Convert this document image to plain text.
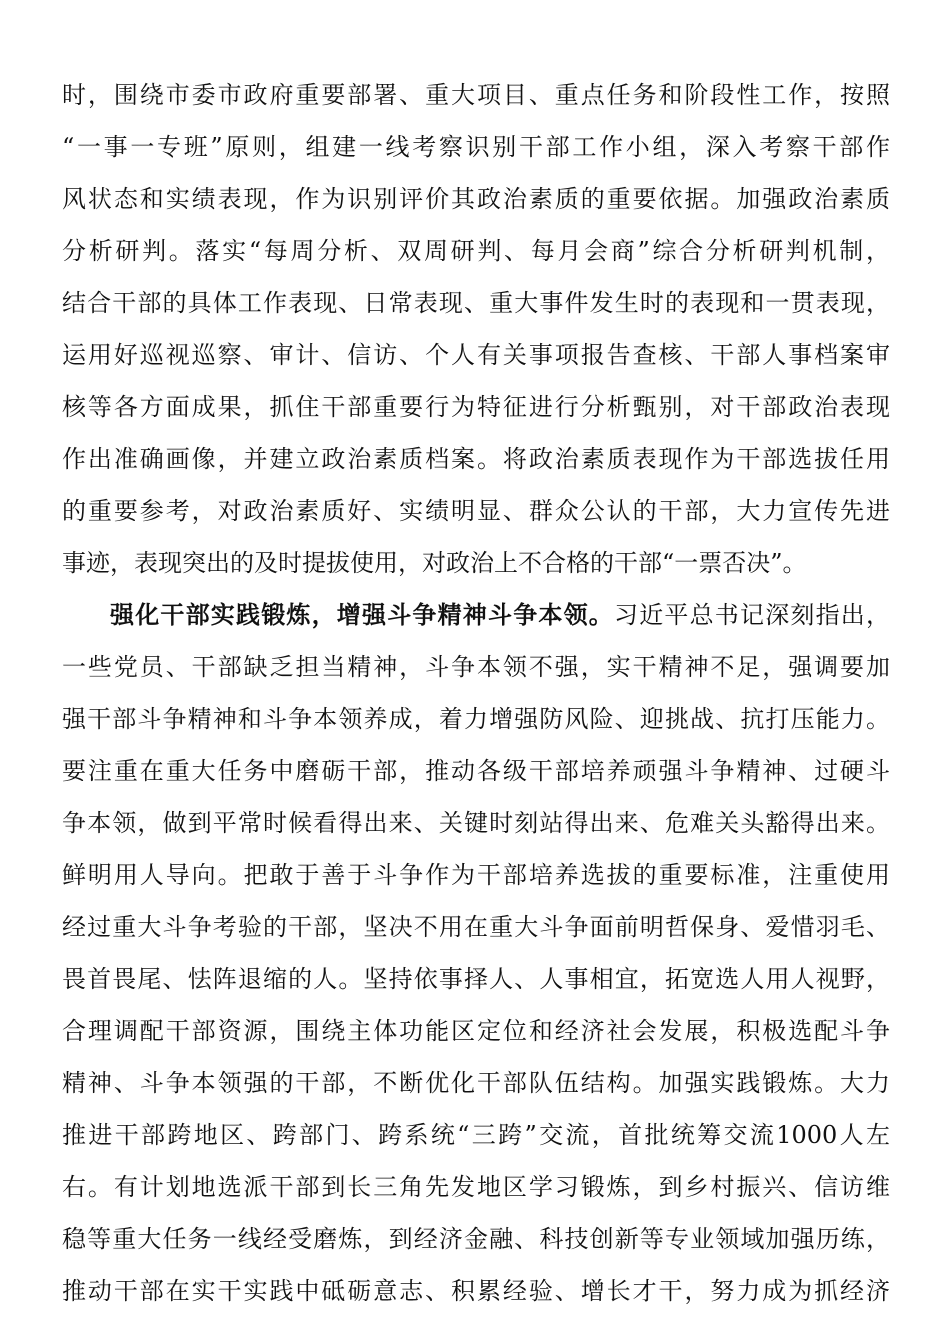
时，围绕市委市政府重要部署、重大项目、重点任务和阶段性工作，按照
“一事一专班”原则，组建一线考察识别干部工作小组，深入考察干部作
风状态和实绩表现，作为识别评价其政治素质的重要依据。加强政治素质
分析研判。落实“每周分析、双周研判、每月会商”综合分析研判机制，
结合干部的具体工作表现、日常表现、重大事件发生时的表现和一贯表现，
运用好巡视巡察、审计、信访、个人有关事项报告查核、干部人事档案审
核等各方面成果，抓住干部重要行为特征进行分析甄别，对干部政治表现
作出准确画像，并建立政治素质档案。将政治素质表现作为干部选拔任用
的重要参考，对政治素质好、实绩明显、群众公认的干部，大力宣传先进
事迹，表现突出的及时提拔使用，对政治上不合格的干部“一票否决”。
强化干部实践锻炼，增强斗争精神斗争本领。习近平总书记深刻指出，
一些党员、干部缺乏担当精神，斗争本领不强，实干精神不足，强调要加
强干部斗争精神和斗争本领养成，着力增强防风险、迎挑战、抗打压能力。
要注重在重大任务中磨砺干部，推动各级干部培养顽强斗争精神、过硬斗
争本领，做到平常时候看得出来、关键时刻站得出来、危难关头豁得出来。
鲜明用人导向。把敢于善于斗争作为干部培养选拔的重要标准，注重使用
经过重大斗争考验的干部，坚决不用在重大斗争面前明哲保身、爱惜羽毛、
畏首畏尾、怯阵退缩的人。坚持依事择人、人事相宜，拓宽选人用人视野，
合理调配干部资源，围绕主体功能区定位和经济社会发展，积极选配斗争
精神、斗争本领强的干部，不断优化干部队伍结构。加强实践锻炼。大力
推进干部跨地区、跨部门、跨系统“三跨”交流，首批统筹交流1000人左
右。有计划地选派干部到长三角先发地区学习锻炼，到乡村振兴、信访维
稳等重大任务一线经受磨炼，到经济金融、科技创新等专业领域加强历练，
推动干部在实干实践中砥砺意志、积累经验、增长才干，努力成为抓经济
